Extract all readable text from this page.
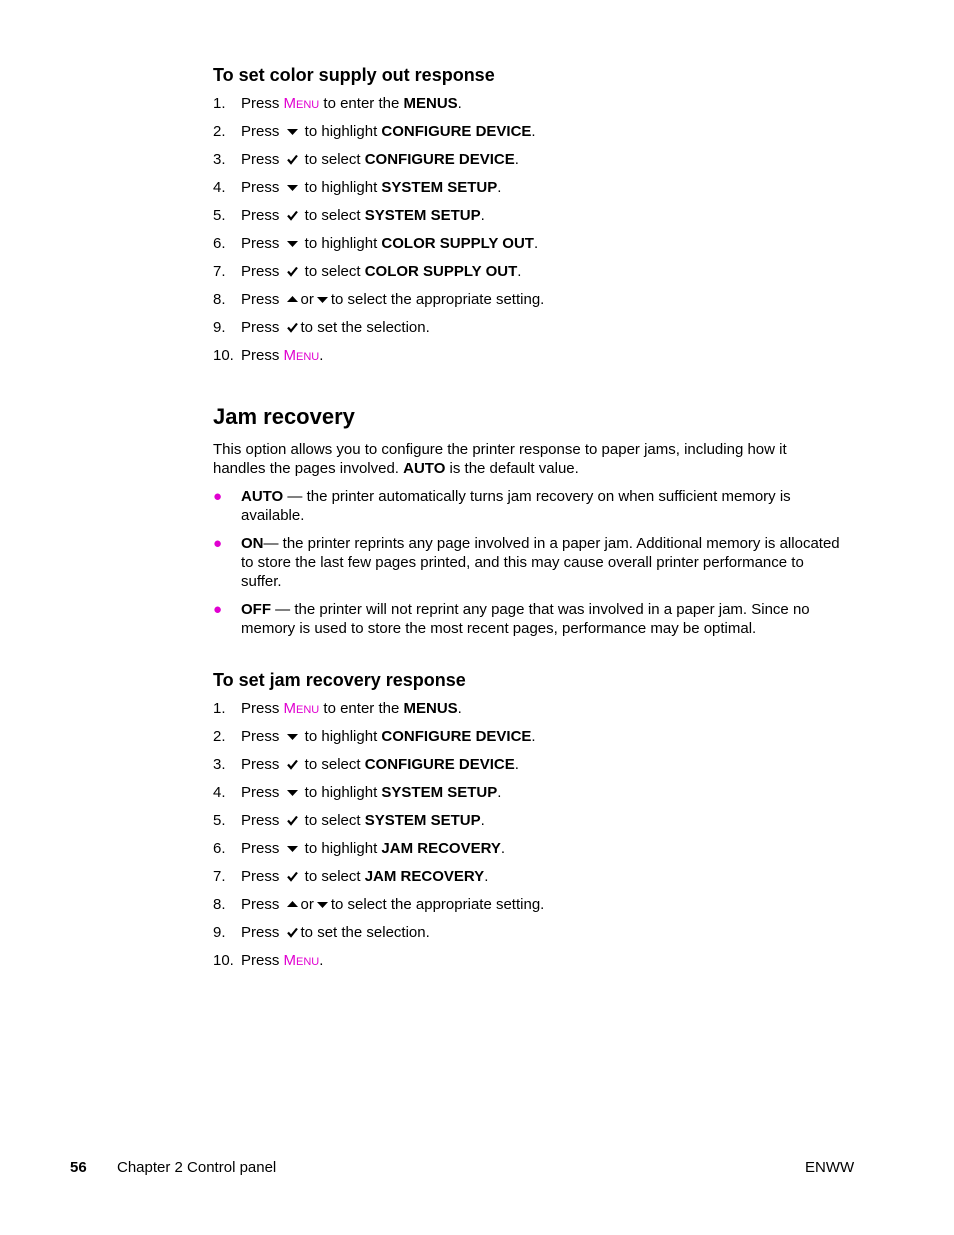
To set color supply out response
1. Press Menu to enter the MENUS.
2. Press
to highlight CONFIGURE DEVICE.
3. Press
to select CONFIGURE DEVICE.
4. Press
to highlight SYSTEM SETUP.
5. Press
to select SYSTEM SETUP.
6. Press
to highlight COLOR SUPPLY OUT.
7. Press
to select COLOR SUPPLY OUT.
8. Press or to select the appropriate setting.
9. Press to set the selection.
10. Press Menu.
Jam recovery

This option allows you to configure the printer response to paper jams, including how it handles the pages involved. AUTO is the default value.

● AUTO — the printer automatically turns jam recovery on when sufficient memory is available.
● ON— the printer reprints any page involved in a paper jam. Additional memory is allocated to store the last few pages printed, and this may cause overall printer performance to suffer.
● OFF — the printer will not reprint any page that was involved in a paper jam. Since no memory is used to store the most recent pages, performance may be optimal.
To set jam recovery response
1. Press Menu to enter the MENUS.
2. Press
to highlight CONFIGURE DEVICE.
3. Press
to select CONFIGURE DEVICE.
4. Press
to highlight SYSTEM SETUP.
5. Press
to select SYSTEM SETUP.
6. Press
to highlight JAM RECOVERY.
7. Press
to select JAM RECOVERY.
8. Press or to select the appropriate setting.
9. Press to set the selection.
10. Press Menu.
56 Chapter 2 Control panel	ENWW
